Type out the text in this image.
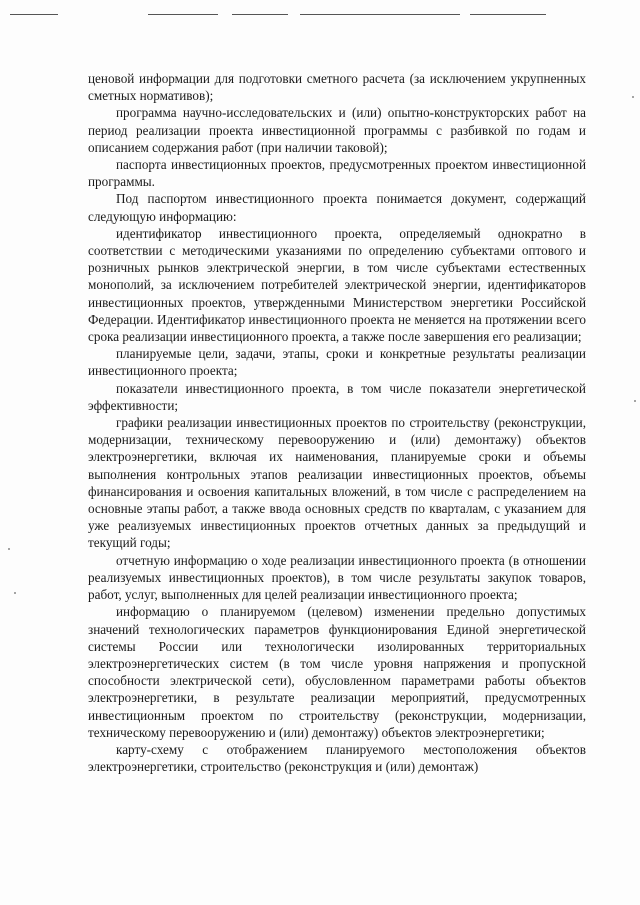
ценовой информации для подготовки сметного расчета (за исключением укрупненных сметных нормативов);

программа научно-исследовательских и (или) опытно-конструкторских работ на период реализации проекта инвестиционной программы с разбивкой по годам и описанием содержания работ (при наличии таковой);

паспорта инвестиционных проектов, предусмотренных проектом инвестиционной программы.

Под паспортом инвестиционного проекта понимается документ, содержащий следующую информацию:

идентификатор инвестиционного проекта, определяемый однократно в соответствии с методическими указаниями по определению субъектами оптового и розничных рынков электрической энергии, в том числе субъектами естественных монополий, за исключением потребителей электрической энергии, идентификаторов инвестиционных проектов, утвержденными Министерством энергетики Российской Федерации. Идентификатор инвестиционного проекта не меняется на протяжении всего срока реализации инвестиционного проекта, а также после завершения его реализации;

планируемые цели, задачи, этапы, сроки и конкретные результаты реализации инвестиционного проекта;

показатели инвестиционного проекта, в том числе показатели энергетической эффективности;

графики реализации инвестиционных проектов по строительству (реконструкции, модернизации, техническому перевооружению и (или) демонтажу) объектов электроэнергетики, включая их наименования, планируемые сроки и объемы выполнения контрольных этапов реализации инвестиционных проектов, объемы финансирования и освоения капитальных вложений, в том числе с распределением на основные этапы работ, а также ввода основных средств по кварталам, с указанием для уже реализуемых инвестиционных проектов отчетных данных за предыдущий и текущий годы;

отчетную информацию о ходе реализации инвестиционного проекта (в отношении реализуемых инвестиционных проектов), в том числе результаты закупок товаров, работ, услуг, выполненных для целей реализации инвестиционного проекта;

информацию о планируемом (целевом) изменении предельно допустимых значений технологических параметров функционирования Единой энергетической системы России или технологически изолированных территориальных электроэнергетических систем (в том числе уровня напряжения и пропускной способности электрической сети), обусловленном параметрами работы объектов электроэнергетики, в результате реализации мероприятий, предусмотренных инвестиционным проектом по строительству (реконструкции, модернизации, техническому перевооружению и (или) демонтажу) объектов электроэнергетики;

карту-схему с отображением планируемого местоположения объектов электроэнергетики, строительство (реконструкция и (или) демонтаж)
